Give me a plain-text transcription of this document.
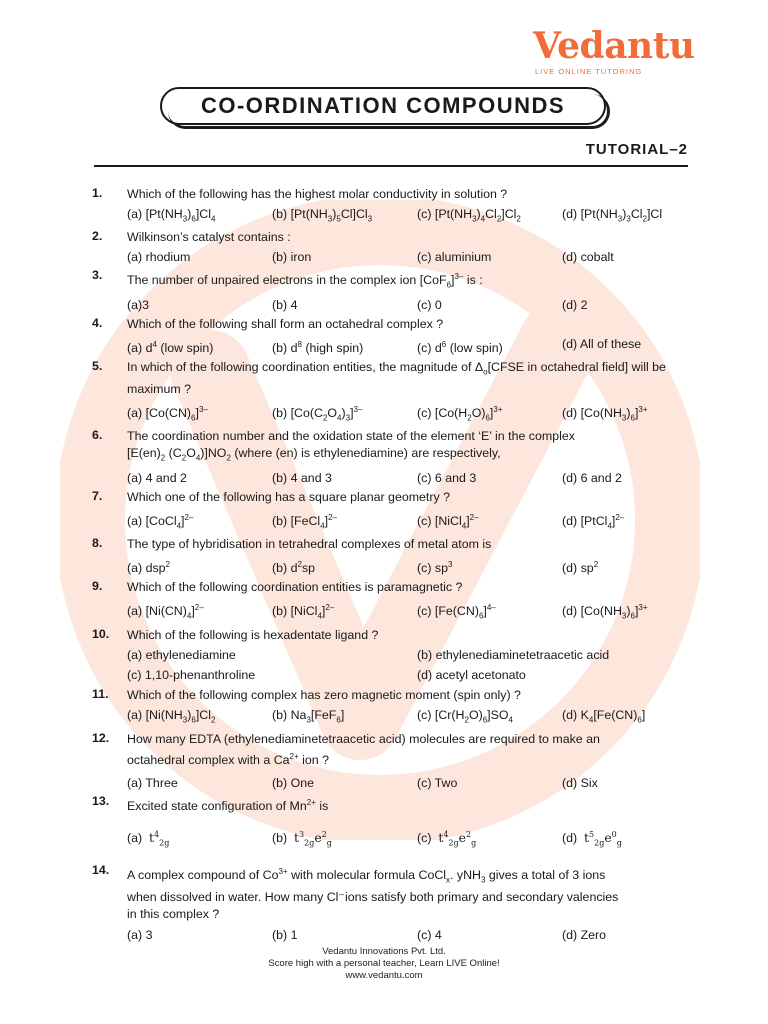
Vedantu
LIVE ONLINE TUTORING
CO-ORDINATION COMPOUNDS
TUTORIAL–2
1.	Which of the following has the highest molar conductivity in solution ?
(a) $[Pt(NH_3)_6]Cl_4$	(b) $[Pt(NH_3)_5Cl]Cl_3$	(c) $[Pt(NH_3)_4Cl_2]Cl_2$	(d) $[Pt(NH_3)_3Cl_2]Cl$
2.	Wilkinson’s catalyst contains :
(a) rhodium	(b) iron	(c) aluminium	(d) cobalt
3.	The number of unpaired electrons in the complex ion $[CoF_6]^{3-}$ is :
(a)3	(b) 4	(c) 0	(d) 2
4.	Which of the following shall form an octahedral complex ?
(a) $d^4$ (low spin)	(b) $d^8$ (high spin)	(c) $d^6$ (low spin)	(d) All of these
5.	In which of the following coordination entities, the magnitude of $\Delta_o[CFSE$ in octahedral field] will be maximum ?
(a) $[Co(CN)_6]^{3-}$	(b) $[Co(C_2O_4)_3]^{3-}$	(c) $[Co(H_2O)_6]^{3+}$	(d) $[Co(NH_3)_6]^{3+}$
6.	The coordination number and the oxidation state of the element ‘E’ in the complex
[$E(en)_2$ $(C_2O_4)]NO_2$ (where (en) is ethylenediamine) are respectively,
(a) 4 and 2	(b) 4 and 3	(c) 6 and 3	(d) 6 and 2
7.	Which one of the following has a square planar geometry ?
(a) [CoCl$_4$]$^{2-}$	(b) [FeCl$_4$]$^{2-}$	(c) [NiCl$_4$]$^{2-}$	(d) [PtCl$_4$]$^{2-}$
8.	The type of hybridisation in tetrahedral complexes of metal atom is
(a) dsp$^2$	(b) $d^2sp$	(c) $sp^3$	(d) $sp^2$
9.	Which of the following coordination entities is paramagnetic ?
(a) $[Ni(CN)_4]^{2-}$	(b) [NiCl$_4$]$^{2-}$	(c) $[Fe(CN)_6]^{4-}$	(d) $[Co(NH_3)_6]^{3+}$
10.	Which of the following is hexadentate ligand ?
(a) ethylenediamine	(b) ethylenediaminetetraacetic acid
(c) 1,10-phenanthroline	(d) acetyl acetonato
11.	Which of the following complex has zero magnetic moment (spin only) ?
(a) $[Ni(NH_3)_6]Cl_2$	(b) $Na_3[FeF_6]$	(c) $[Cr(H_2O)_6]SO_4$	(d) $K_4[Fe(CN)_6]$
12.	How many EDTA (ethylenediaminetetraacetic acid) molecules are required to make an
octahedral complex with a $Ca^{2+}$ ion ?
(a) Three	(b) One	(c) Two	(d) Six
13.	Excited state configuration of $Mn^{2+}$ is
(a)  $t^4_{2g}$	(b)  $t^3_{2g}e^2_g$	(c)  $t^4_{2g}e^2_g$	(d)  $t^5_{2g}e^0_g$
14.	A complex compound of $Co^{3+}$ with molecular formula CoCl$_x$. yNH$_3$ gives a total of 3 ions
when dissolved in water. How many Cl⁻ions satisfy both primary and secondary valencies
in this complex ?
(a) 3	(b) 1	(c) 4	(d) Zero
Vedantu Innovations Pvt. Ltd.
Score high with a personal teacher, Learn LIVE Online!
www.vedantu.com
